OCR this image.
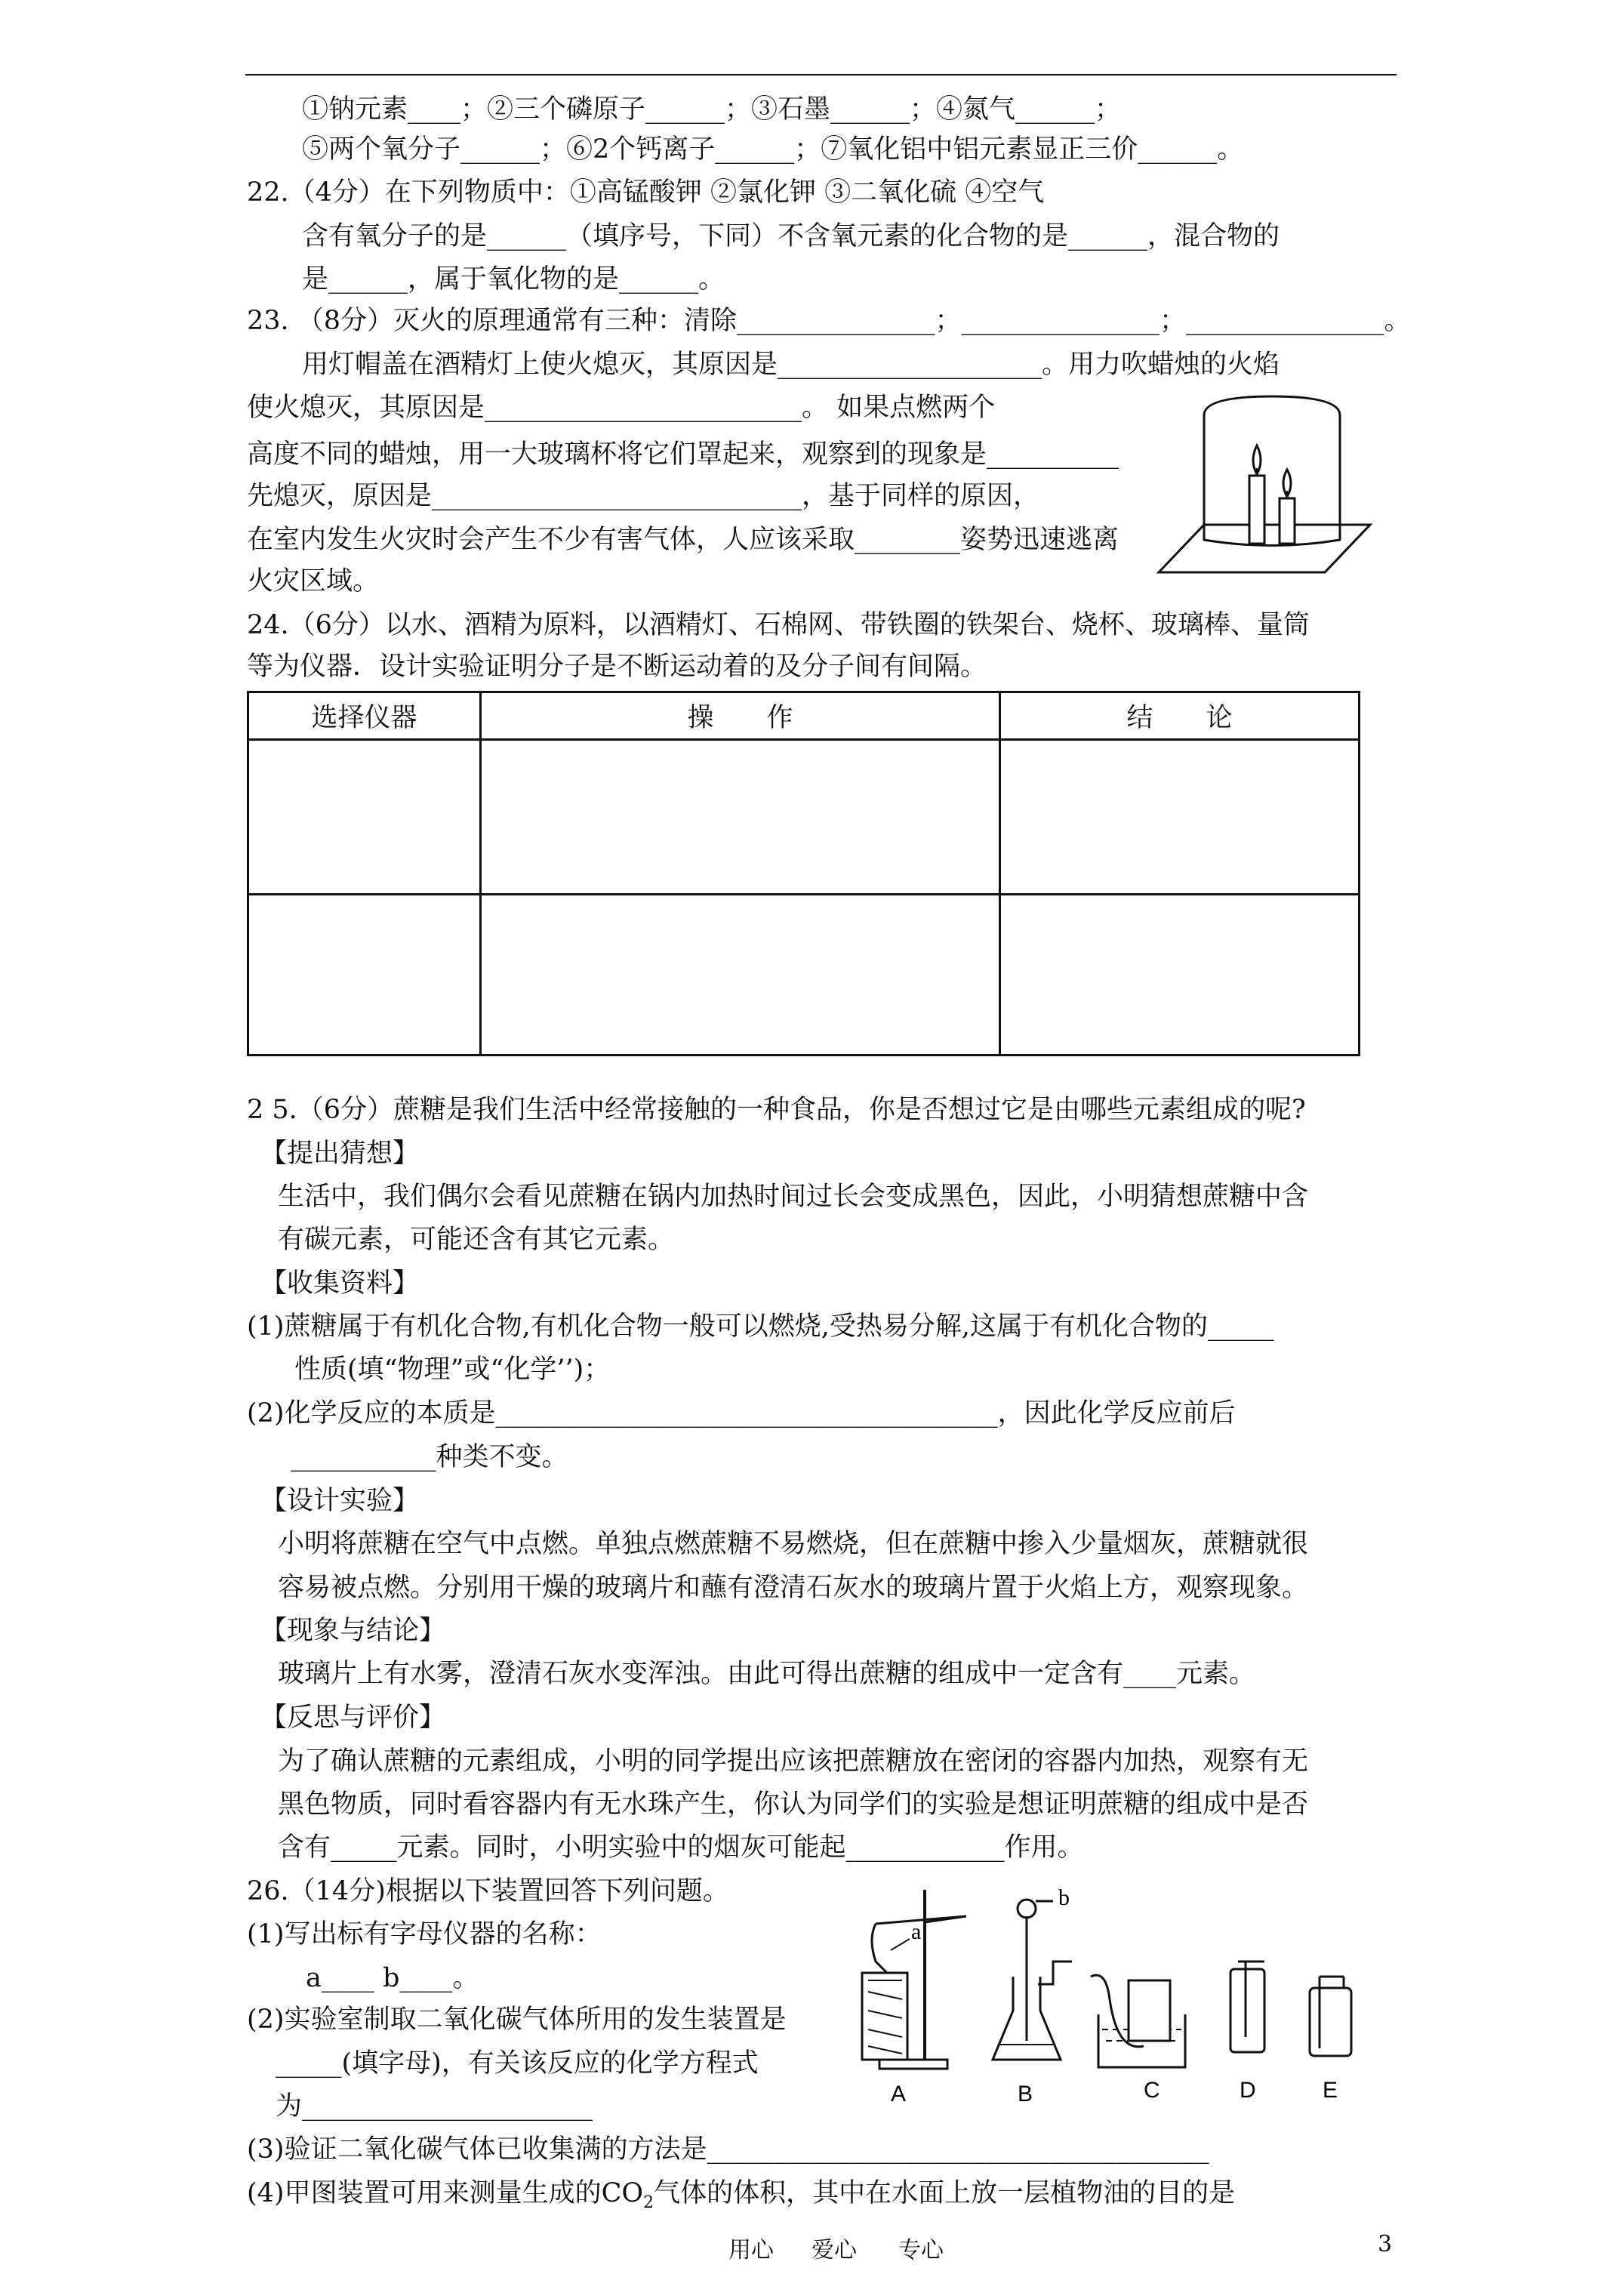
①钠元素____；②三个磷原子______；③石墨______；④氮气______；
⑤两个氧分子______；⑥2个钙离子______；⑦氧化铝中铝元素显正三价______。
22.（4分）在下列物质中：①高锰酸钾 ②氯化钾 ③二氧化硫 ④空气
含有氧分子的是______（填序号，下同）不含氧元素的化合物的是______，混合物的
是______，属于氧化物的是______。
23. （8分）灭火的原理通常有三种：清除_______________；_______________；_______________。
用灯帽盖在酒精灯上使火熄灭，其原因是____________________。用力吹蜡烛的火焰
使火熄灭，其原因是________________________。 如果点燃两个
高度不同的蜡烛，用一大玻璃杯将它们罩起来，观察到的现象是__________
先熄灭，原因是____________________________，基于同样的原因，
在室内发生火灾时会产生不少有害气体，人应该采取________姿势迅速逃离
火灾区域。
24.（6分）以水、酒精为原料，以酒精灯、石棉网、带铁圈的铁架台、烧杯、玻璃棒、量筒
等为仪器．设计实验证明分子是不断运动着的及分子间有间隔。
选择仪器	操　　作	结　　论

2 5.（6分）蔗糖是我们生活中经常接触的一种食品，你是否想过它是由哪些元素组成的呢?
【提出猜想】
生活中，我们偶尔会看见蔗糖在锅内加热时间过长会变成黑色，因此，小明猜想蔗糖中含
有碳元素，可能还含有其它元素。
【收集资料】
(1)蔗糖属于有机化合物,有机化合物一般可以燃烧,受热易分解,这属于有机化合物的_____
性质(填“物理”或“化学’’)；
(2)化学反应的本质是______________________________________，因此化学反应前后
___________种类不变。
【设计实验】
小明将蔗糖在空气中点燃。单独点燃蔗糖不易燃烧，但在蔗糖中掺入少量烟灰，蔗糖就很
容易被点燃。分别用干燥的玻璃片和蘸有澄清石灰水的玻璃片置于火焰上方，观察现象。
【现象与结论】
玻璃片上有水雾，澄清石灰水变浑浊。由此可得出蔗糖的组成中一定含有____元素。
【反思与评价】
为了确认蔗糖的元素组成，小明的同学提出应该把蔗糖放在密闭的容器内加热，观察有无
黑色物质，同时看容器内有无水珠产生，你认为同学们的实验是想证明蔗糖的组成中是否
含有_____元素。同时，小明实验中的烟灰可能起____________作用。
26.（14分)根据以下装置回答下列问题。
(1)写出标有字母仪器的名称：
a____ b____。
(2)实验室制取二氧化碳气体所用的发生装置是
_____(填字母)，有关该反应的化学方程式
为______________________
(3)验证二氧化碳气体已收集满的方法是______________________________________
(4)甲图装置可用来测量生成的$CO_2$气体的体积，其中在水面上放一层植物油的目的是
a
A
b
B	C	D	E
用心 爱心 专心	3
